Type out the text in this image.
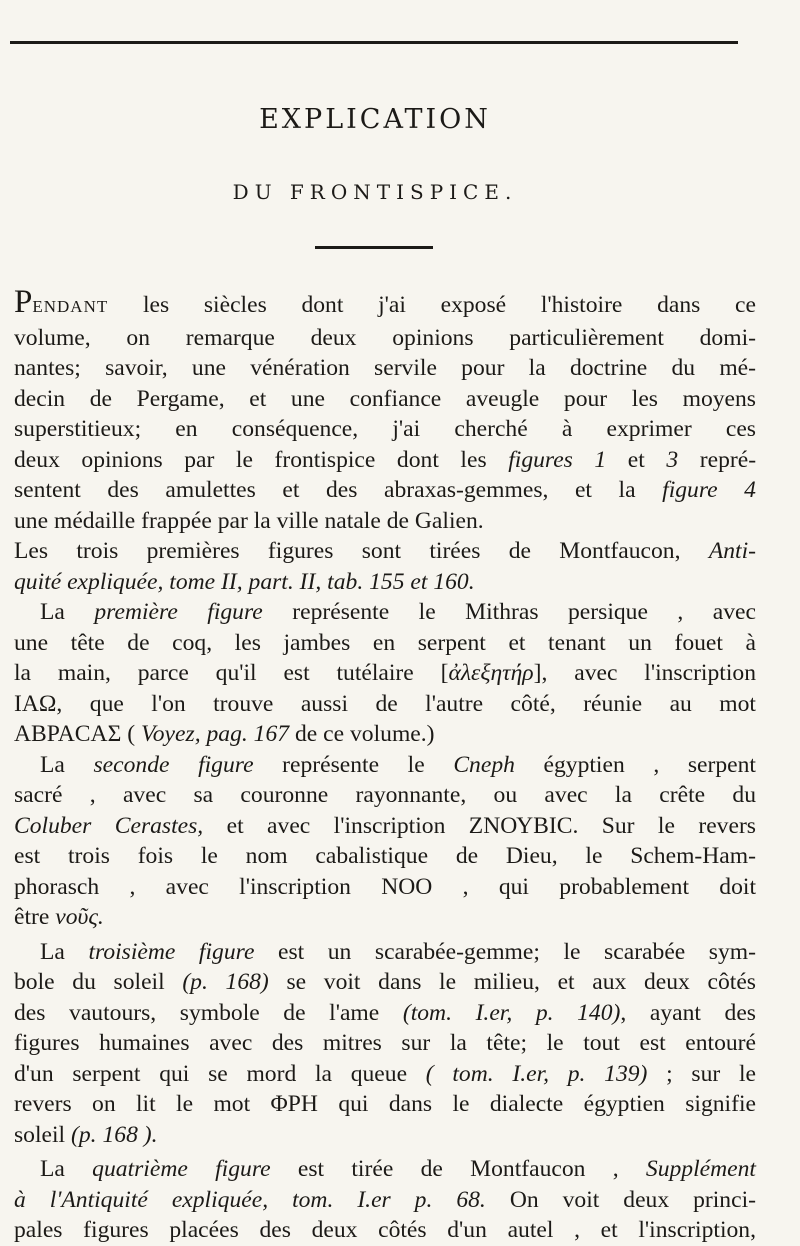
EXPLICATION
DU FRONTISPICE.

PENDANT les siècles dont j'ai exposé l'histoire dans ce
volume, on remarque deux opinions particulièrement domi-
nantes; savoir, une vénération servile pour la doctrine du mé-
decin de Pergame, et une confiance aveugle pour les moyens
superstitieux; en conséquence, j'ai cherché à exprimer ces
deux opinions par le frontispice dont les figures 1 et 3 repré-
sentent des amulettes et des abraxas-gemmes, et la figure 4
une médaille frappée par la ville natale de Galien.

Les trois premières figures sont tirées de Montfaucon, Anti-
quité expliquée, tome II, part. II, tab. 155 et 160.

La première figure représente le Mithras persique , avec
une tête de coq, les jambes en serpent et tenant un fouet à
la main, parce qu'il est tutélaire [ἀλεξητήρ], avec l'inscription
ΙΑΩ, que l'on trouve aussi de l'autre côté, réunie au mot
ΑΒΡΑCΑΣ ( Voyez, pag. 167 de ce volume.)

La seconde figure représente le Cneph égyptien , serpent
sacré , avec sa couronne rayonnante, ou avec la crête du
Coluber Cerastes, et avec l'inscription ΖΝΟΥΒΙC. Sur le revers
est trois fois le nom cabalistique de Dieu, le Schem-Ham-
phorasch , avec l'inscription ΝΟΟ , qui probablement doit
être νοῦς.

La troisième figure est un scarabée-gemme; le scarabée sym-
bole du soleil (p. 168) se voit dans le milieu, et aux deux côtés
des vautours, symbole de l'ame (tom. I.er, p. 140), ayant des
figures humaines avec des mitres sur la tête; le tout est entouré
d'un serpent qui se mord la queue ( tom. I.er, p. 139) ; sur le
revers on lit le mot ΦΡΗ qui dans le dialecte égyptien signifie
soleil (p. 168 ).

La quatrième figure est tirée de Montfaucon , Supplément
à l'Antiquité expliquée, tom. I.er p. 68. On voit deux princi-
pales figures placées des deux côtés d'un autel , et l'inscription,
